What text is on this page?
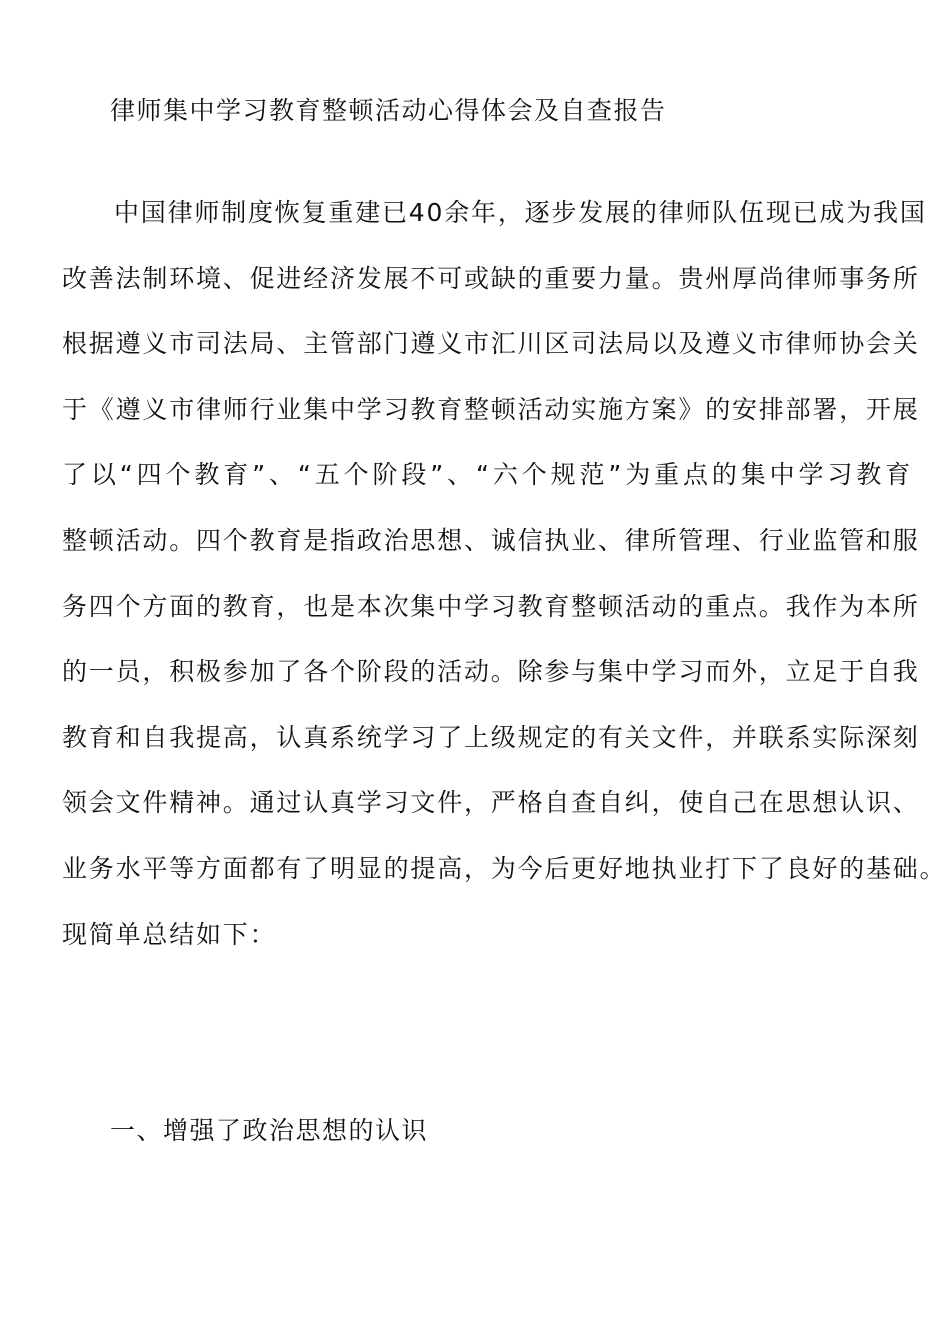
律师集中学习教育整顿活动心得体会及自查报告
中国律师制度恢复重建已40余年，逐步发展的律师队伍现已成为我国
改善法制环境、促进经济发展不可或缺的重要力量。贵州厚尚律师事务所
根据遵义市司法局、主管部门遵义市汇川区司法局以及遵义市律师协会关
于《遵义市律师行业集中学习教育整顿活动实施方案》的安排部署，开展
了以“四个教育”、“五个阶段”、“六个规范”为重点的集中学习教育
整顿活动。四个教育是指政治思想、诚信执业、律所管理、行业监管和服
务四个方面的教育，也是本次集中学习教育整顿活动的重点。我作为本所
的一员，积极参加了各个阶段的活动。除参与集中学习而外，立足于自我
教育和自我提高，认真系统学习了上级规定的有关文件，并联系实际深刻
领会文件精神。通过认真学习文件，严格自查自纠，使自己在思想认识、
业务水平等方面都有了明显的提高，为今后更好地执业打下了良好的基础。
现简单总结如下：
一、增强了政治思想的认识
